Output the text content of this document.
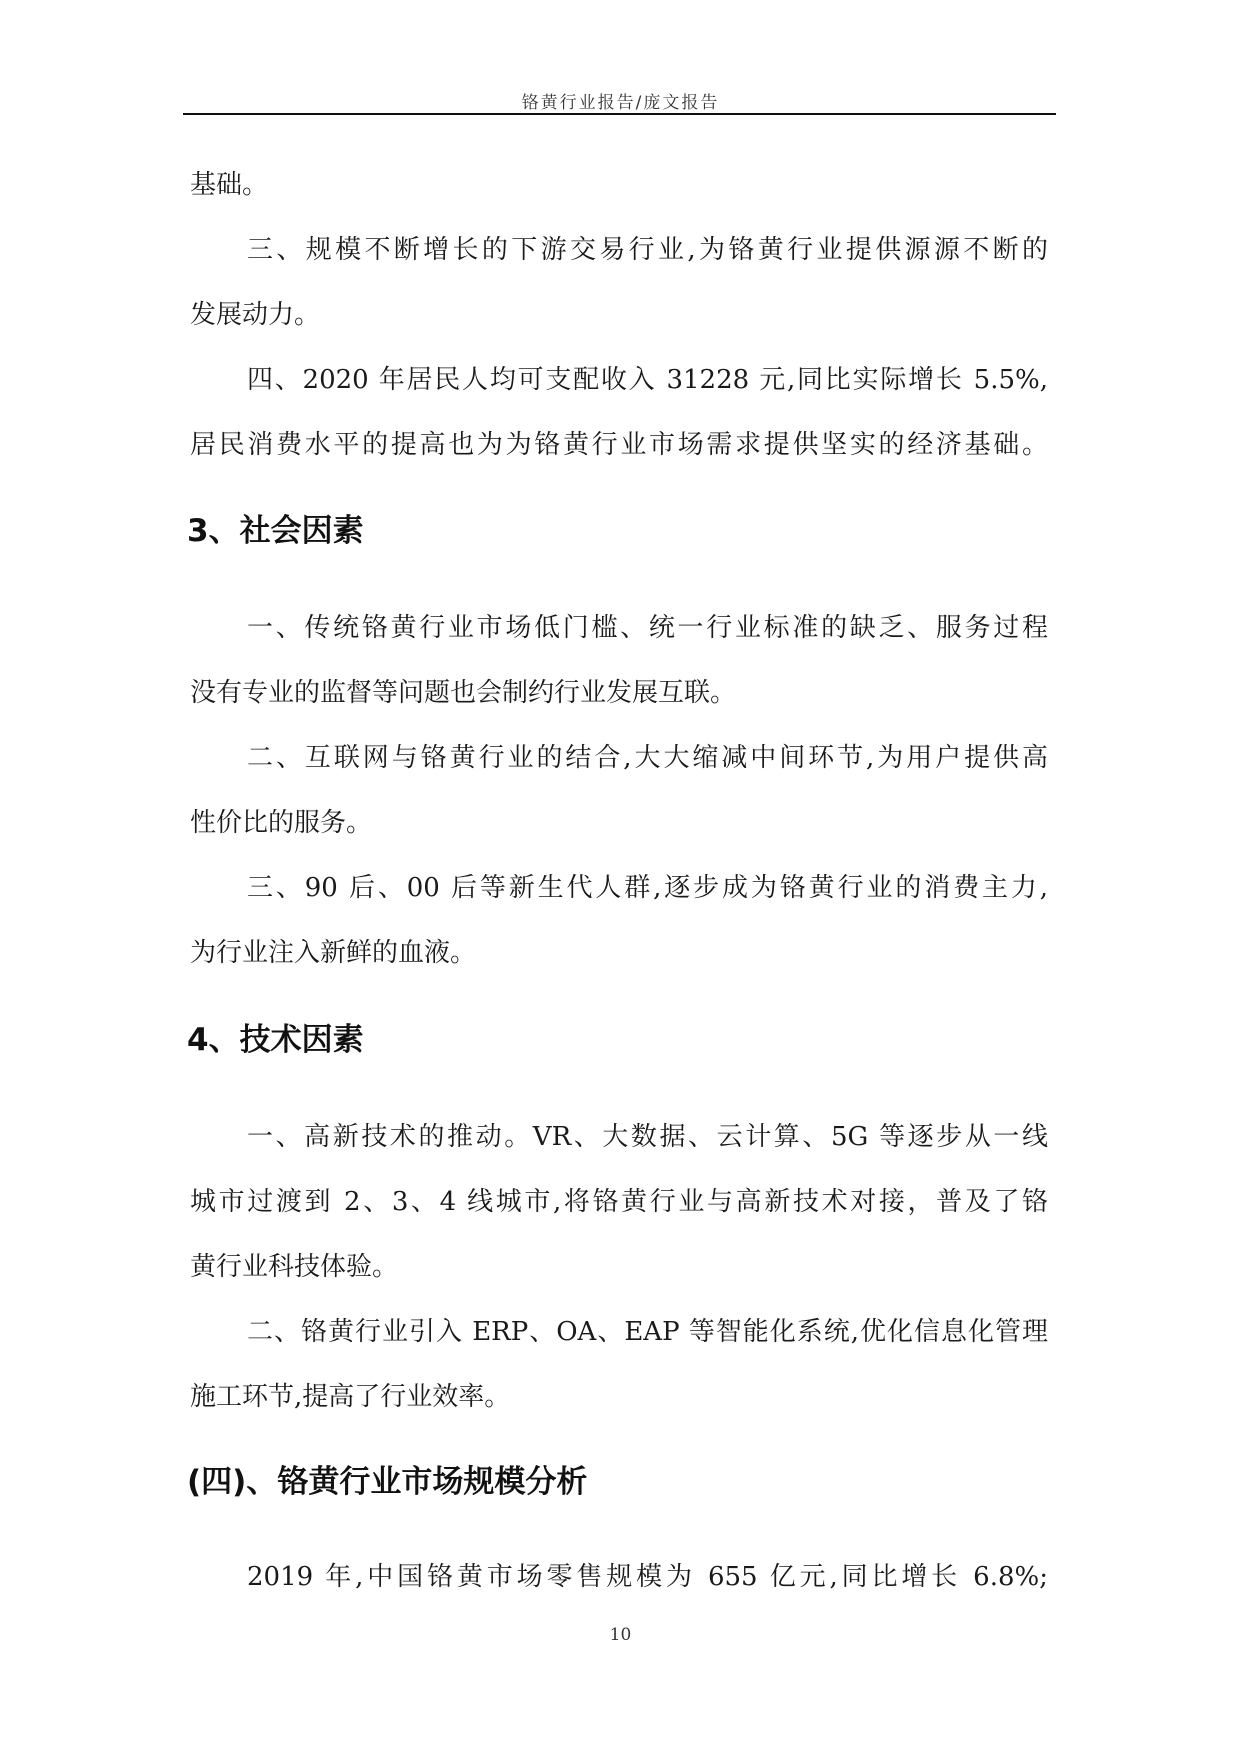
铬黄行业报告/庞文报告
基础。
三、规模不断增长的下游交易行业,为铬黄行业提供源源不断的
发展动力。
四、2020 年居民人均可支配收入 31228 元,同比实际增长 5.5%,
居民消费水平的提高也为为铬黄行业市场需求提供坚实的经济基础。
3、社会因素
一、传统铬黄行业市场低门槛、统一行业标准的缺乏、服务过程
没有专业的监督等问题也会制约行业发展互联。
二、互联网与铬黄行业的结合,大大缩减中间环节,为用户提供高
性价比的服务。
三、90 后、00 后等新生代人群,逐步成为铬黄行业的消费主力,
为行业注入新鲜的血液。
4、技术因素
一、高新技术的推动。VR、大数据、云计算、5G 等逐步从一线
城市过渡到 2、3、4 线城市,将铬黄行业与高新技术对接，普及了铬
黄行业科技体验。
二、铬黄行业引入 ERP、OA、EAP 等智能化系统,优化信息化管理
施工环节,提高了行业效率。
(四)、铬黄行业市场规模分析
2019 年,中国铬黄市场零售规模为 655 亿元,同比增长 6.8%;
10
